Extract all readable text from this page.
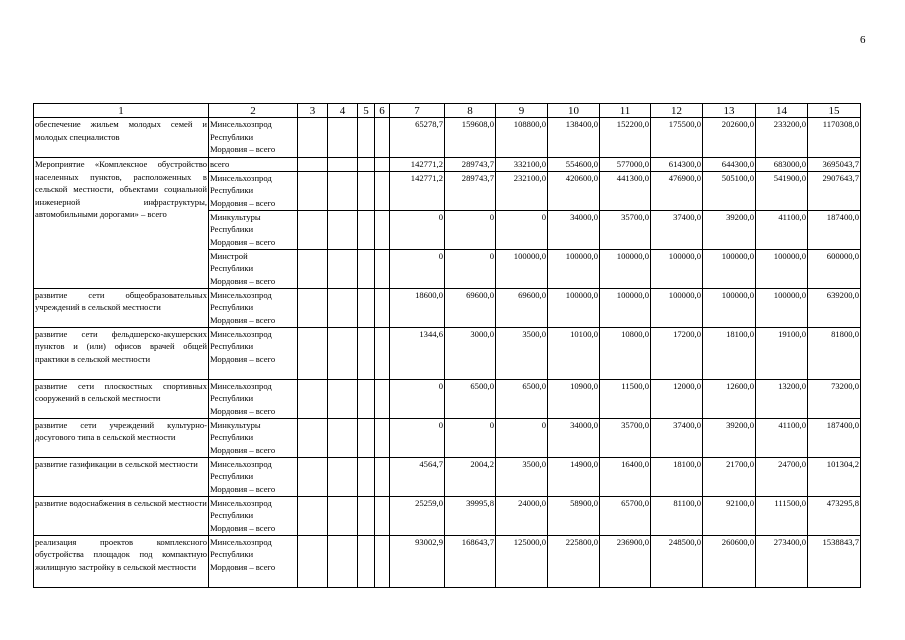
6
1	2	3	4	5	6	7	8	9	10	11	12	13	14	15
обеспечение жильем молодых семей и молодых специалистов	Минсельхозпрод
Республики
Мордовия – всего					65278,7	159608,0	108800,0	138400,0	152200,0	175500,0	202600,0	233200,0	1170308,0
Мероприятие «Комплексное обустройство населенных пунктов, расположенных в сельской местности, объектами социальной инженерной инфраструктуры, автомобильными дорогами» – всего	всего					142771,2	289743,7	332100,0	554600,0	577000,0	614300,0	644300,0	683000,0	3695043,7
	Минсельхозпрод
Республики
Мордовия – всего					142771,2	289743,7	232100,0	420600,0	441300,0	476900,0	505100,0	541900,0	2907643,7
	Минкультуры
Республики
Мордовия – всего					0	0	0	34000,0	35700,0	37400,0	39200,0	41100,0	187400,0
	Минстрой
Республики
Мордовия – всего					0	0	100000,0	100000,0	100000,0	100000,0	100000,0	100000,0	600000,0
развитие сети общеобразовательных учреждений в сельской местности	Минсельхозпрод
Республики
Мордовия – всего					18600,0	69600,0	69600,0	100000,0	100000,0	100000,0	100000,0	100000,0	639200,0
развитие сети фельдшерско-акушерских пунктов и (или) офисов врачей общей практики в сельской местности	Минсельхозпрод
Республики
Мордовия – всего					1344,6	3000,0	3500,0	10100,0	10800,0	17200,0	18100,0	19100,0	81800,0
развитие сети плоскостных спортивных сооружений в сельской местности	Минсельхозпрод
Республики
Мордовия – всего					0	6500,0	6500,0	10900,0	11500,0	12000,0	12600,0	13200,0	73200,0
развитие сети учреждений культурно-досугового типа в сельской местности	Минкультуры
Республики
Мордовия – всего					0	0	0	34000,0	35700,0	37400,0	39200,0	41100,0	187400,0
развитие газификации в сельской местности	Минсельхозпрод
Республики
Мордовия – всего					4564,7	2004,2	3500,0	14900,0	16400,0	18100,0	21700,0	24700,0	101304,2
развитие водоснабжения в сельской местности	Минсельхозпрод
Республики
Мордовия – всего					25259,0	39995,8	24000,0	58900,0	65700,0	81100,0	92100,0	111500,0	473295,8
реализация проектов комплексного обустройства площадок под компактную жилищную застройку в сельской местности	Минсельхозпрод
Республики
Мордовия – всего					93002,9	168643,7	125000,0	225800,0	236900,0	248500,0	260600,0	273400,0	1538843,7
